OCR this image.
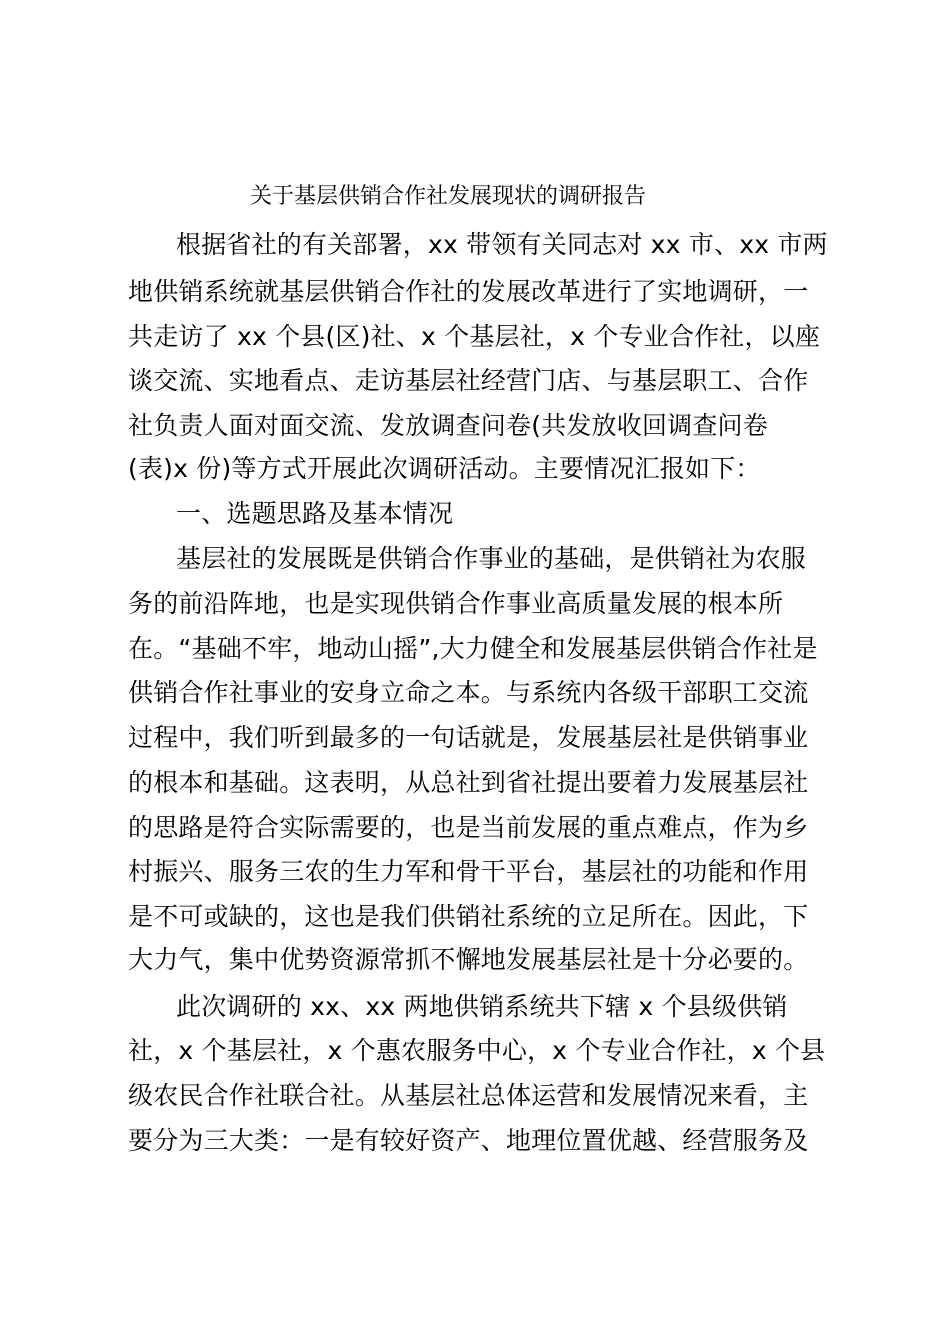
关于基层供销合作社发展现状的调研报告
根据省社的有关部署，xx 带领有关同志对 xx 市、xx 市两
地供销系统就基层供销合作社的发展改革进行了实地调研，一
共走访了 xx 个县(区)社、x 个基层社，x 个专业合作社，以座
谈交流、实地看点、走访基层社经营门店、与基层职工、合作
社负责人面对面交流、发放调查问卷(共发放收回调查问卷
(表)x 份)等方式开展此次调研活动。主要情况汇报如下：
一、选题思路及基本情况
基层社的发展既是供销合作事业的基础，是供销社为农服
务的前沿阵地，也是实现供销合作事业高质量发展的根本所
在。“基础不牢，地动山摇”,大力健全和发展基层供销合作社是
供销合作社事业的安身立命之本。与系统内各级干部职工交流
过程中，我们听到最多的一句话就是，发展基层社是供销事业
的根本和基础。这表明，从总社到省社提出要着力发展基层社
的思路是符合实际需要的，也是当前发展的重点难点，作为乡
村振兴、服务三农的生力军和骨干平台，基层社的功能和作用
是不可或缺的，这也是我们供销社系统的立足所在。因此，下
大力气，集中优势资源常抓不懈地发展基层社是十分必要的。
此次调研的 xx、xx 两地供销系统共下辖 x 个县级供销
社，x 个基层社，x 个惠农服务中心，x 个专业合作社，x 个县
级农民合作社联合社。从基层社总体运营和发展情况来看，主
要分为三大类：一是有较好资产、地理位置优越、经营服务及
